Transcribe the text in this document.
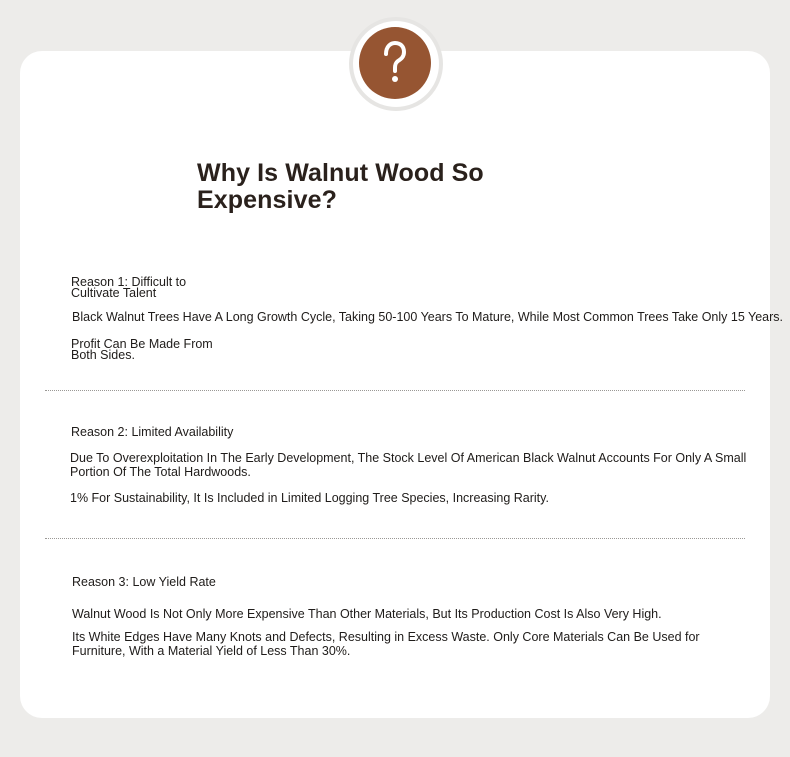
Why Is Walnut Wood So Expensive?
Reason 1: Difficult to Cultivate Talent

Black Walnut Trees Have A Long Growth Cycle, Taking 50-100 Years To Mature, While Most Common Trees Take Only 15 Years.

Profit Can Be Made From Both Sides.

Reason 2: Limited Availability

Due To Overexploitation In The Early Development, The Stock Level Of American Black Walnut Accounts For Only A Small Portion Of The Total Hardwoods.

1% For Sustainability, It Is Included in Limited Logging Tree Species, Increasing Rarity.

Reason 3: Low Yield Rate

Walnut Wood Is Not Only More Expensive Than Other Materials, But Its Production Cost Is Also Very High.

Its White Edges Have Many Knots and Defects, Resulting in Excess Waste. Only Core Materials Can Be Used for Furniture, With a Material Yield of Less Than 30%.
